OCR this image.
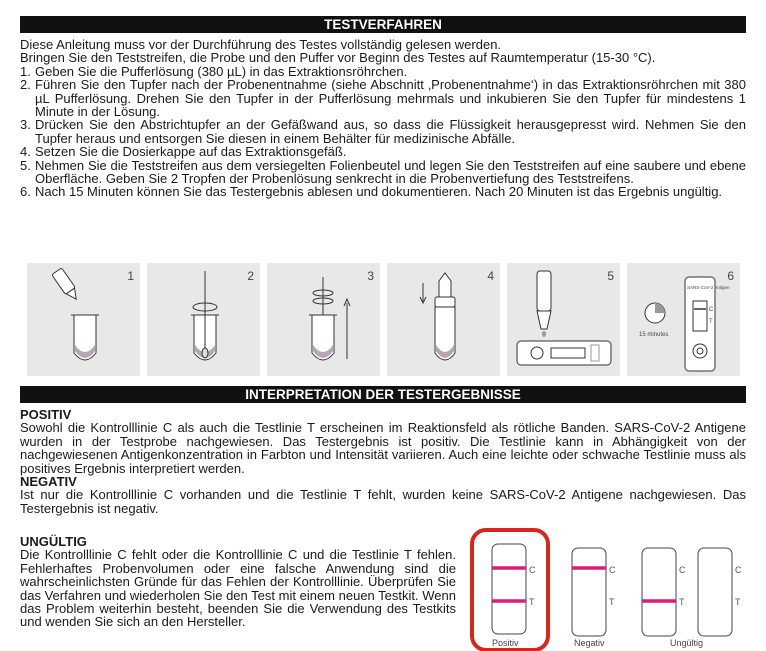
TESTVERFAHREN

Diese Anleitung muss vor der Durchführung des Testes vollständig gelesen werden.

Bringen Sie den Teststreifen, die Probe und den Puffer vor Beginn des Testes auf Raumtemperatur (15-30 °C).

1. Geben Sie die Pufferlösung (380 µL) in das Extraktionsröhrchen.
2. Führen Sie den Tupfer nach der Probenentnahme (siehe Abschnitt ‚Probenentnahme‘) in das Extraktionsröhrchen mit 380 µL Pufferlösung. Drehen Sie den Tupfer in der Pufferlösung mehrmals und inkubieren Sie den Tupfer für mindestens 1 Minute in der Lösung.
3. Drücken Sie den Abstrichtupfer an der Gefäßwand aus, so dass die Flüssigkeit herausgepresst wird. Nehmen Sie den Tupfer heraus und entsorgen Sie diesen in einem Behälter für medizinische Abfälle.
4. Setzen Sie die Dosierkappe auf das Extraktionsgefäß.
5. Nehmen Sie die Teststreifen aus dem versiegelten Folienbeutel und legen Sie den Teststreifen auf eine saubere und ebene Oberfläche. Geben Sie 2 Tropfen der Probenlösung senkrecht in die Probenvertiefung des Teststreifens.
6. Nach 15 Minuten können Sie das Testergebnis ablesen und dokumentieren. Nach 20 Minuten ist das Ergebnis ungültig.
1	2	3	4	5	6
15 minutes
SARS-CoV-2 Antigen
C
T
INTERPRETATION DER TESTERGEBNISSE

POSITIV

Sowohl die Kontrolllinie C als auch die Testlinie T erscheinen im Reaktionsfeld als rötliche Banden. SARS-CoV-2 Antigene wurden in der Testprobe nachgewiesen. Das Testergebnis ist positiv. Die Testlinie kann in Abhängigkeit von der nachgewiesenen Antigenkonzentration in Farbton und Intensität variieren. Auch eine leichte oder schwache Testlinie muss als positives Ergebnis interpretiert werden.

NEGATIV

Ist nur die Kontrolllinie C vorhanden und die Testlinie T fehlt, wurden keine SARS-CoV-2 Antigene nachgewiesen. Das Testergebnis ist negativ.

UNGÜLTIG

Die Kontrolllinie C fehlt oder die Kontrolllinie C und die Testlinie T fehlen. Fehlerhaftes Probenvolumen oder eine falsche Anwendung sind die wahrscheinlichsten Gründe für das Fehlen der Kontrolllinie. Überprüfen Sie das Verfahren und wiederholen Sie den Test mit einem neuen Testkit. Wenn das Problem weiterhin besteht, beenden Sie die Verwendung des Testkits und wenden Sie sich an den Hersteller.

C
T
C
T
C
T
C
T
Positiv	Negativ	Ungültig
